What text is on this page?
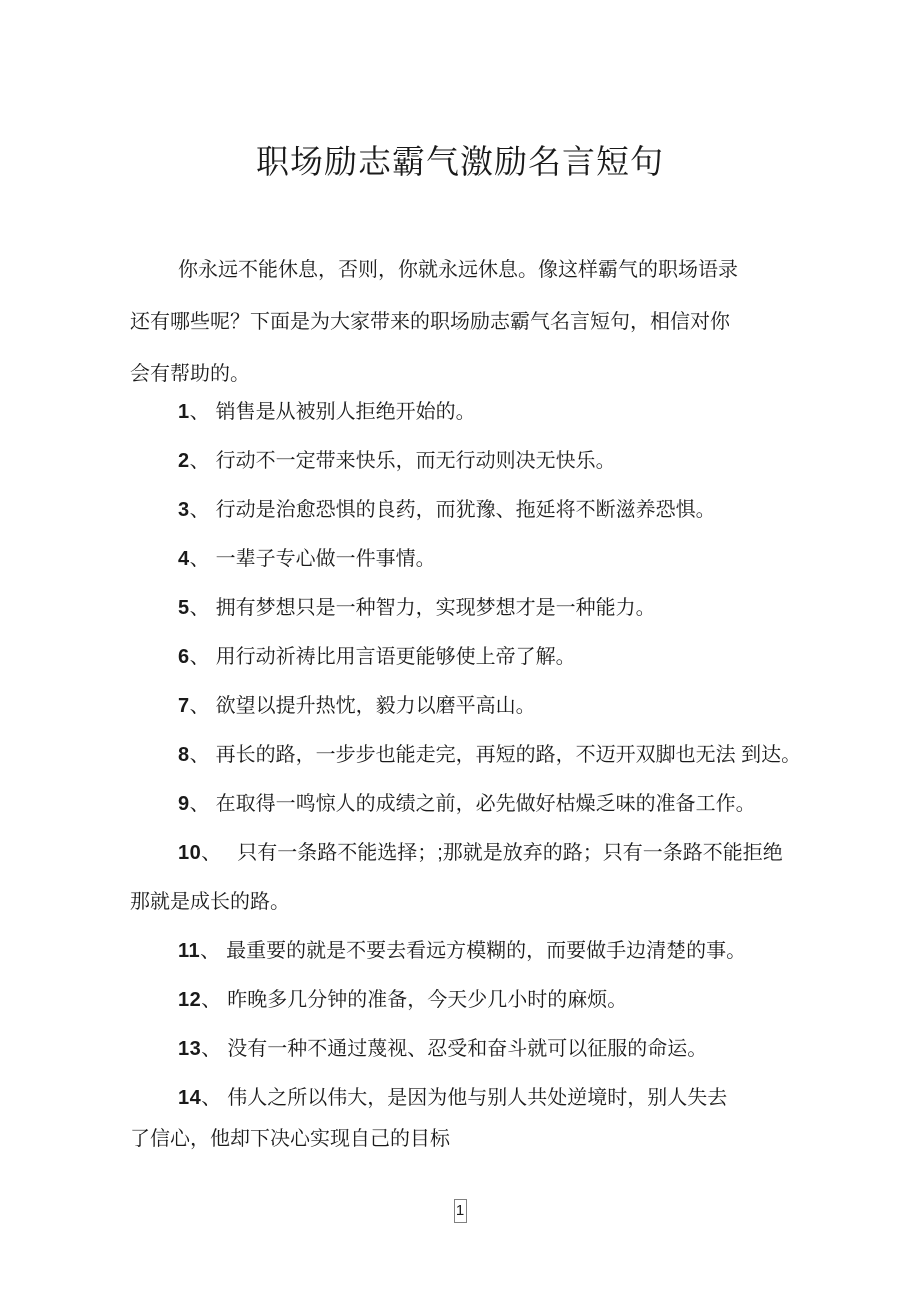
职场励志霸气激励名言短句
你永远不能休息，否则，你就永远休息。像这样霸气的职场语录
还有哪些呢？下面是为大家带来的职场励志霸气名言短句，相信对你
会有帮助的。
1、 销售是从被别人拒绝开始的。
2、 行动不一定带来快乐，而无行动则决无快乐。
3、 行动是治愈恐惧的良药，而犹豫、拖延将不断滋养恐惧。
4、 一辈子专心做一件事情。
5、 拥有梦想只是一种智力，实现梦想才是一种能力。
6、 用行动祈祷比用言语更能够使上帝了解。
7、 欲望以提升热忱，毅力以磨平高山。
8、 再长的路，一步步也能走完，再短的路，不迈开双脚也无法 到达。
9、 在取得一鸣惊人的成绩之前，必先做好枯燥乏味的准备工作。
10、　只有一条路不能选择；;那就是放弃的路；只有一条路不能拒绝
那就是成长的路。
11、 最重要的就是不要去看远方模糊的，而要做手边清楚的事。
12、 昨晚多几分钟的准备，今天少几小时的麻烦。
13、 没有一种不通过蔑视、忍受和奋斗就可以征服的命运。
14、 伟人之所以伟大，是因为他与别人共处逆境时，别人失去
了信心，他却下决心实现自己的目标
1
